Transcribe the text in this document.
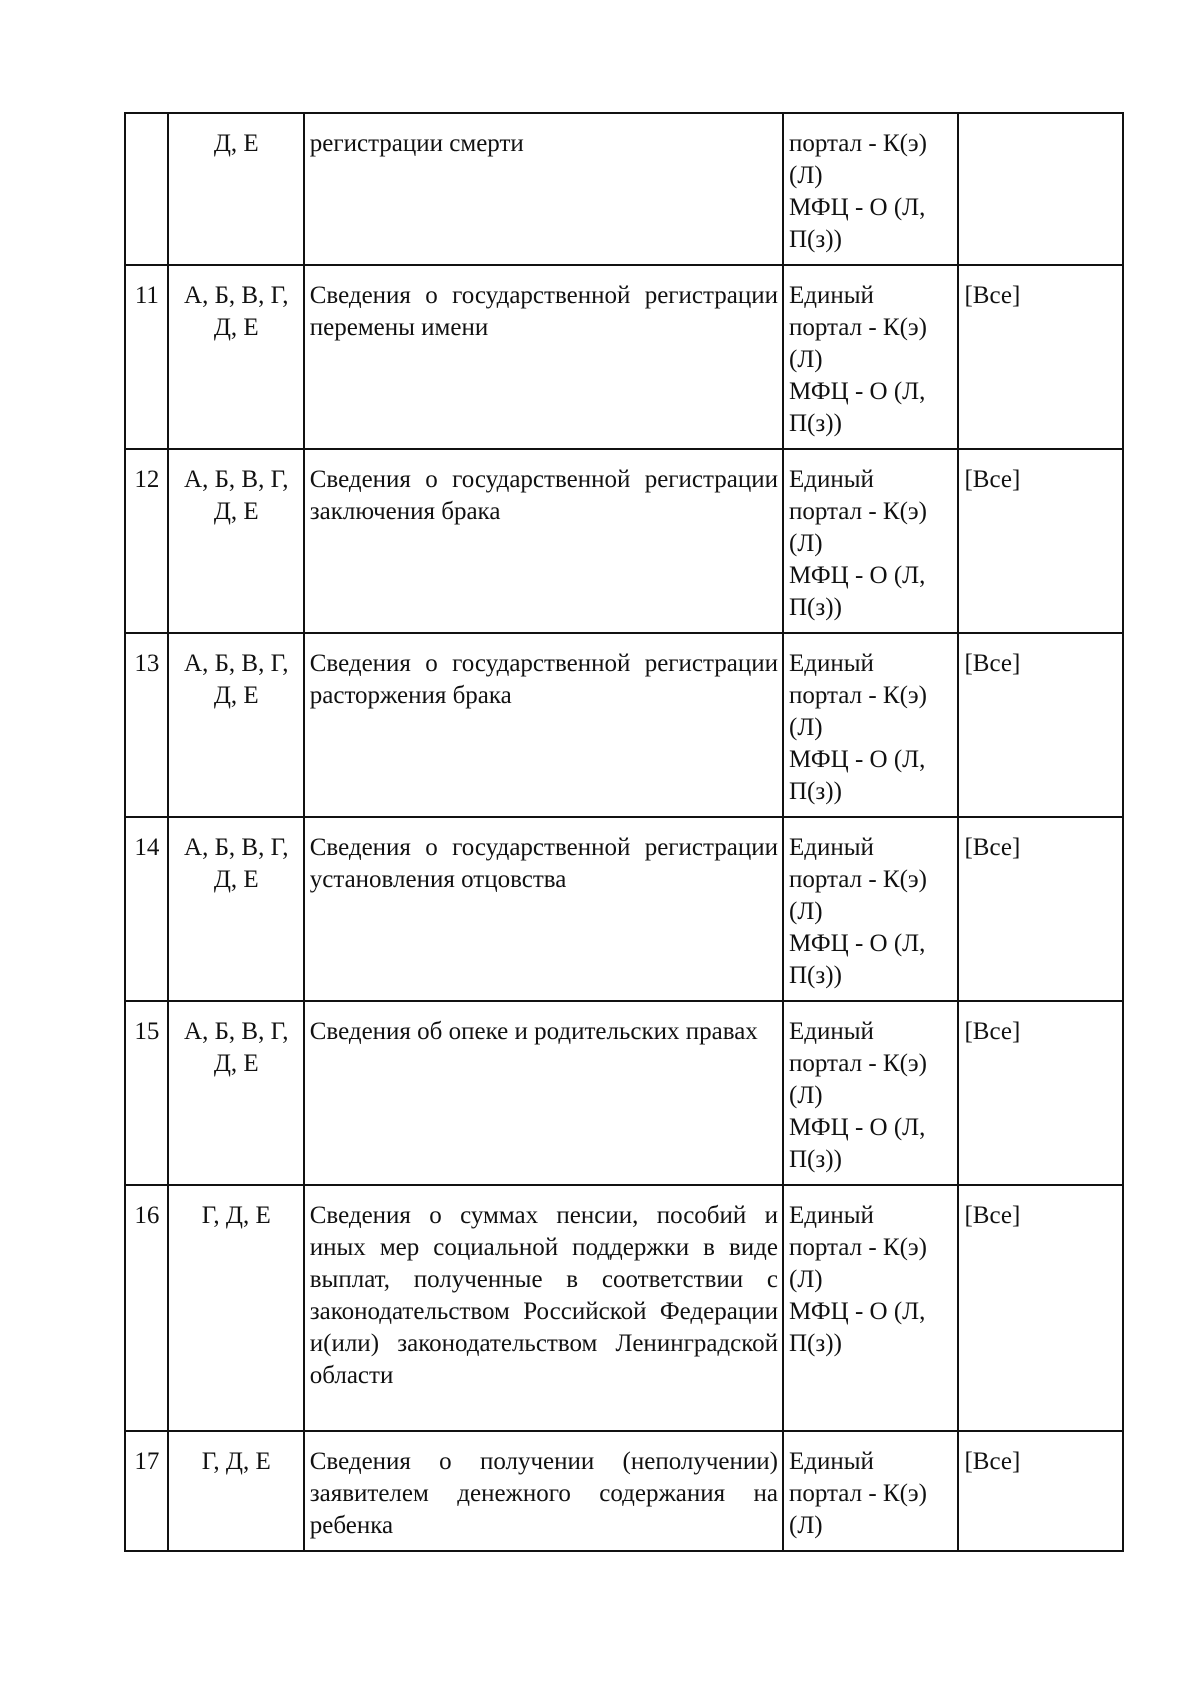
	Д, Е	регистрации смерти	портал - К(э)
(Л)
МФЦ - О (Л,
П(з))	

11	А, Б, В, Г,
Д, Е	Сведения о государственной регистрации перемены имени	Единый
портал - К(э)
(Л)
МФЦ - О (Л,
П(з))	[Все]
12	А, Б, В, Г,
Д, Е	Сведения о государственной регистрации заключения брака	Единый
портал - К(э)
(Л)
МФЦ - О (Л,
П(з))	[Все]
13	А, Б, В, Г,
Д, Е	Сведения о государственной регистрации расторжения брака	Единый
портал - К(э)
(Л)
МФЦ - О (Л,
П(з))	[Все]
14	А, Б, В, Г,
Д, Е	Сведения о государственной регистрации установления отцовства	Единый
портал - К(э)
(Л)
МФЦ - О (Л,
П(з))	[Все]
15	А, Б, В, Г,
Д, Е	Сведения об опеке и родительских правах	Единый
портал - К(э)
(Л)
МФЦ - О (Л,
П(з))	[Все]
16	Г, Д, Е	Сведения о суммах пенсии, пособий и иных мер социальной поддержки в виде выплат, полученные в соответствии с законодательством Российской Федерации и(или) законодательством Ленинградской области	Единый
портал - К(э)
(Л)
МФЦ - О (Л,
П(з))	[Все]
17	Г, Д, Е	Сведения о получении (неполучении) заявителем денежного содержания на ребенка	Единый
портал - К(э)
(Л)	[Все]
